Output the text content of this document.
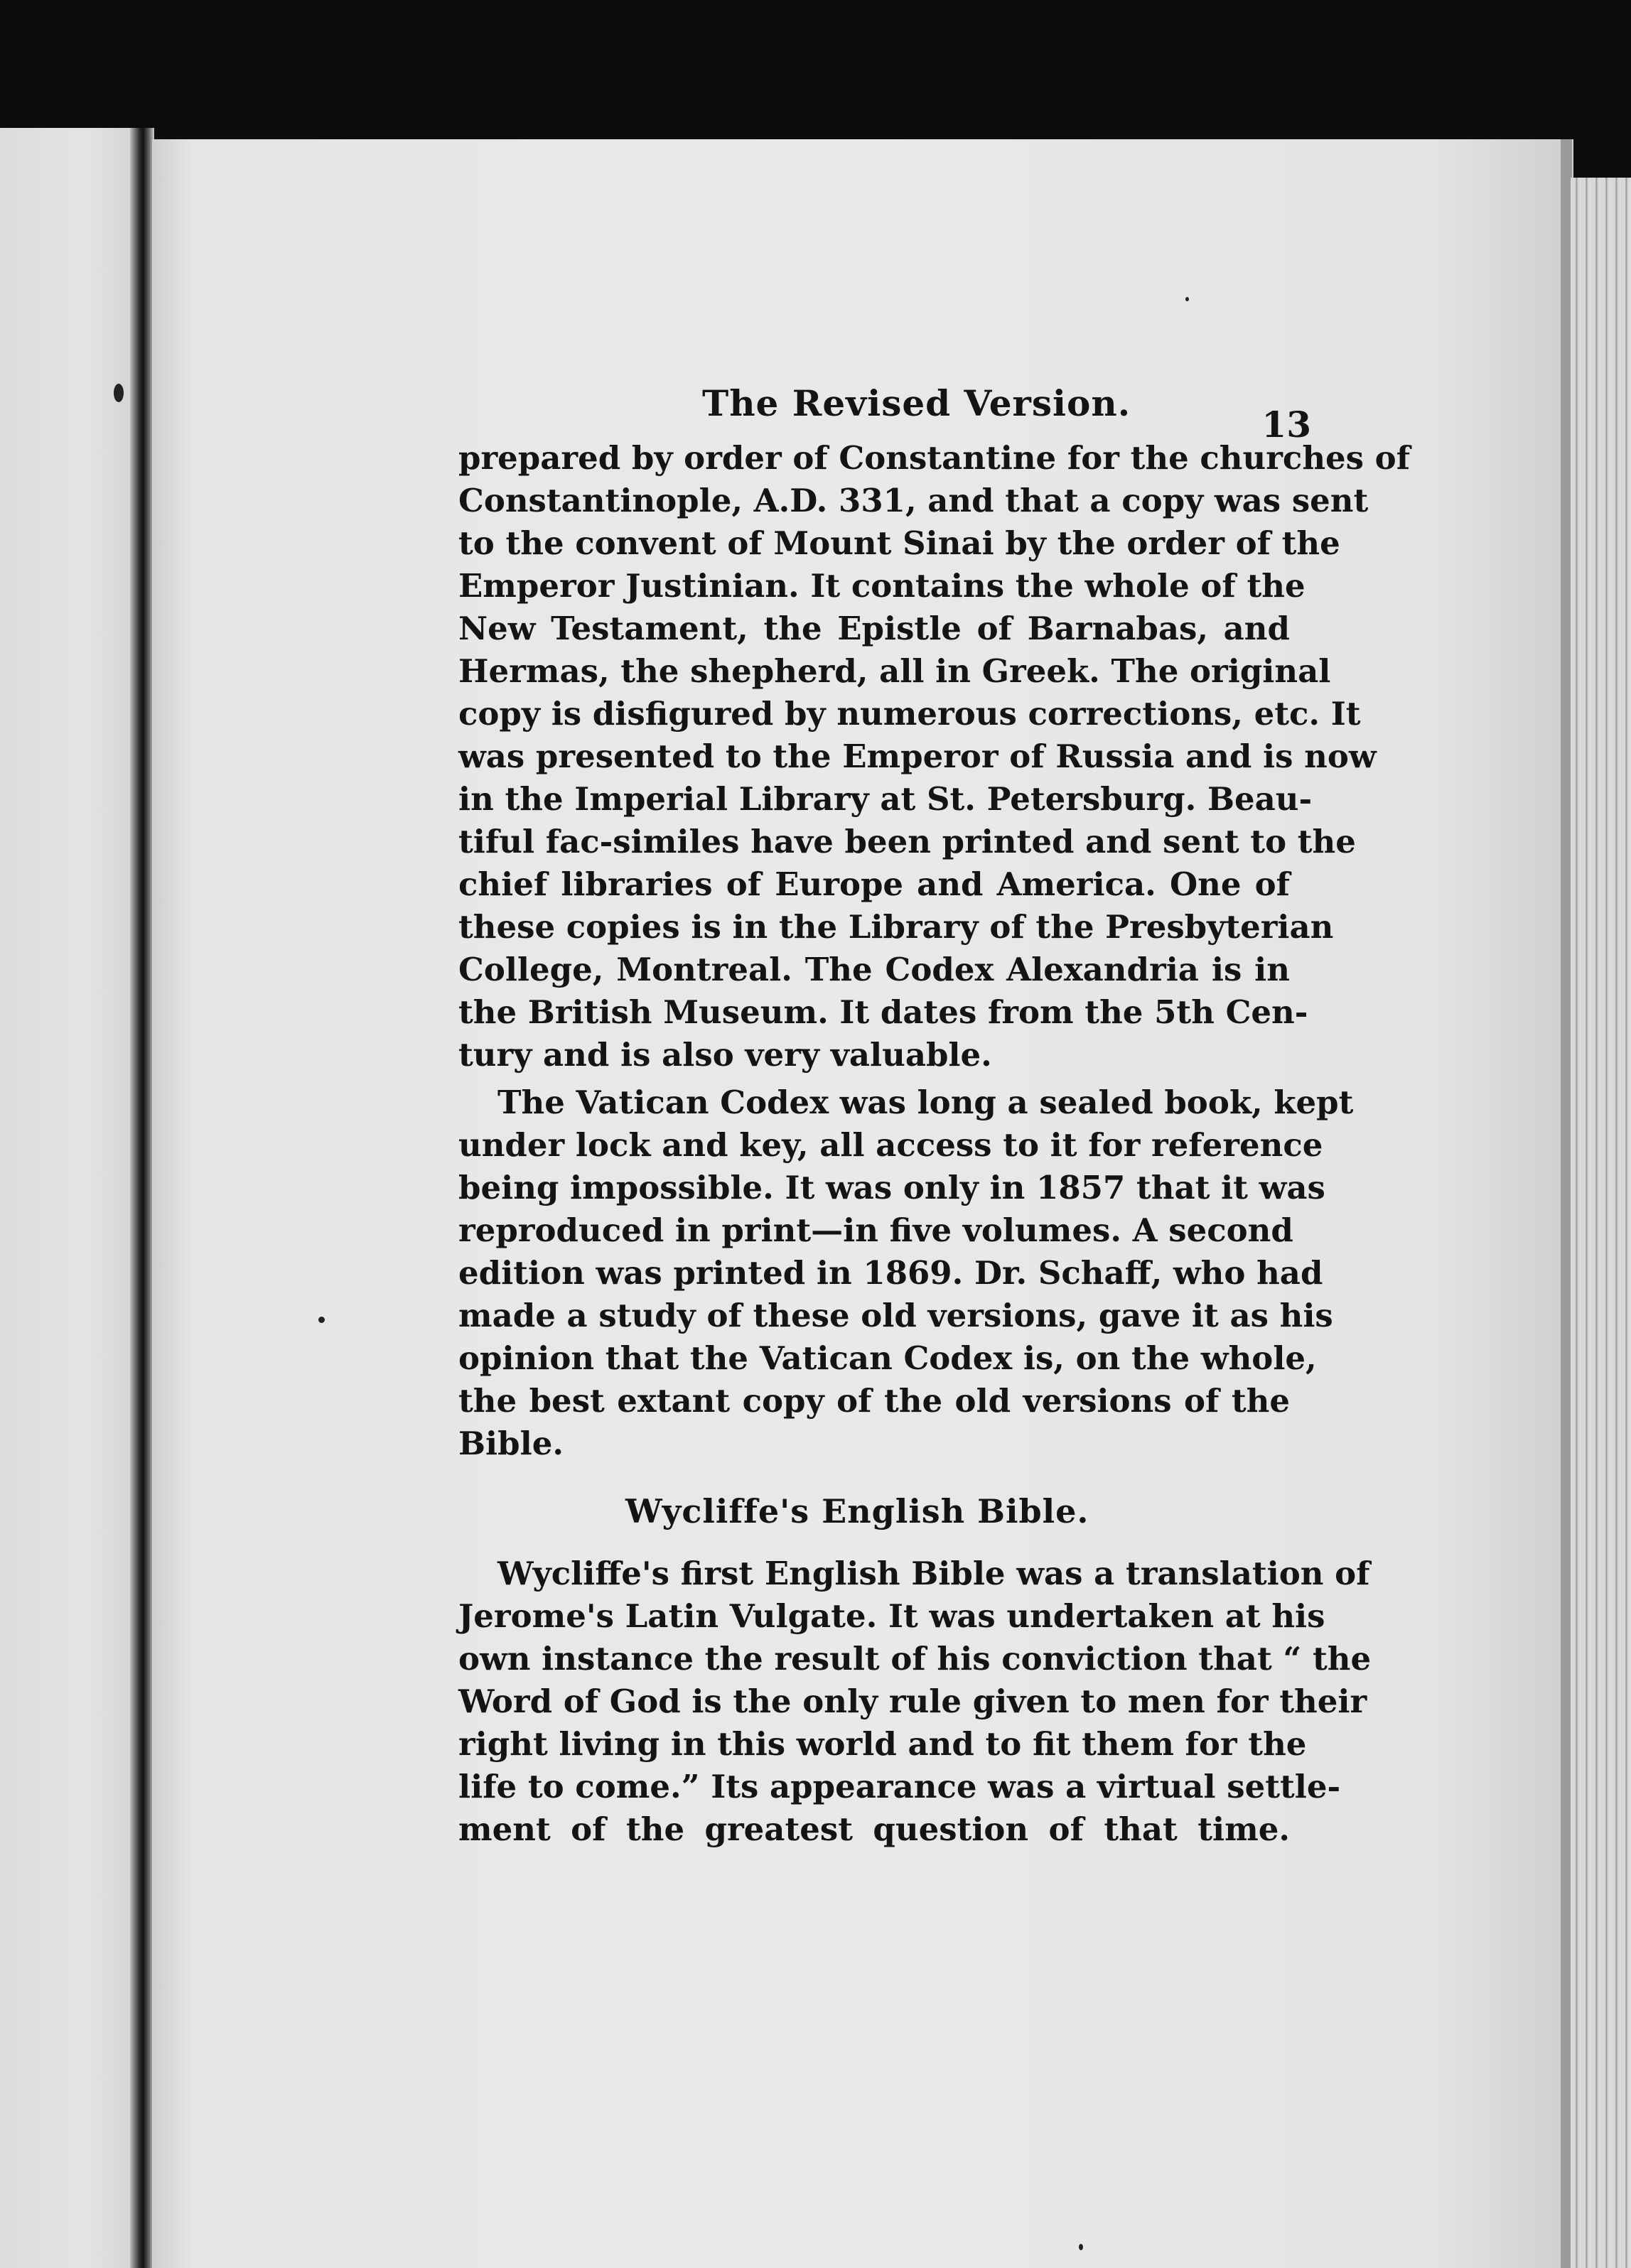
The Revised Version.
13
prepared by order of Constantine for the churches of
Constantinople, A.D. 331, and that a copy was sent
to the convent of Mount Sinai by the order of the
Emperor Justinian. It contains the whole of the
New Testament, the Epistle of Barnabas, and
Hermas, the shepherd, all in Greek. The original
copy is disfigured by numerous corrections, etc. It
was presented to the Emperor of Russia and is now
in the Imperial Library at St. Petersburg. Beau-
tiful fac-similes have been printed and sent to the
chief libraries of Europe and America. One of
these copies is in the Library of the Presbyterian
College, Montreal. The Codex Alexandria is in
the British Museum. It dates from the 5th Cen-
tury and is also very valuable.
The Vatican Codex was long a sealed book, kept
under lock and key, all access to it for reference
being impossible. It was only in 1857 that it was
reproduced in print—in five volumes. A second
edition was printed in 1869. Dr. Schaff, who had
made a study of these old versions, gave it as his
opinion that the Vatican Codex is, on the whole,
the best extant copy of the old versions of the
Bible.
Wycliffe's English Bible.
Wycliffe's first English Bible was a translation of
Jerome's Latin Vulgate. It was undertaken at his
own instance the result of his conviction that “ the
Word of God is the only rule given to men for their
right living in this world and to fit them for the
life to come.” Its appearance was a virtual settle-
ment of the greatest question of that time.
